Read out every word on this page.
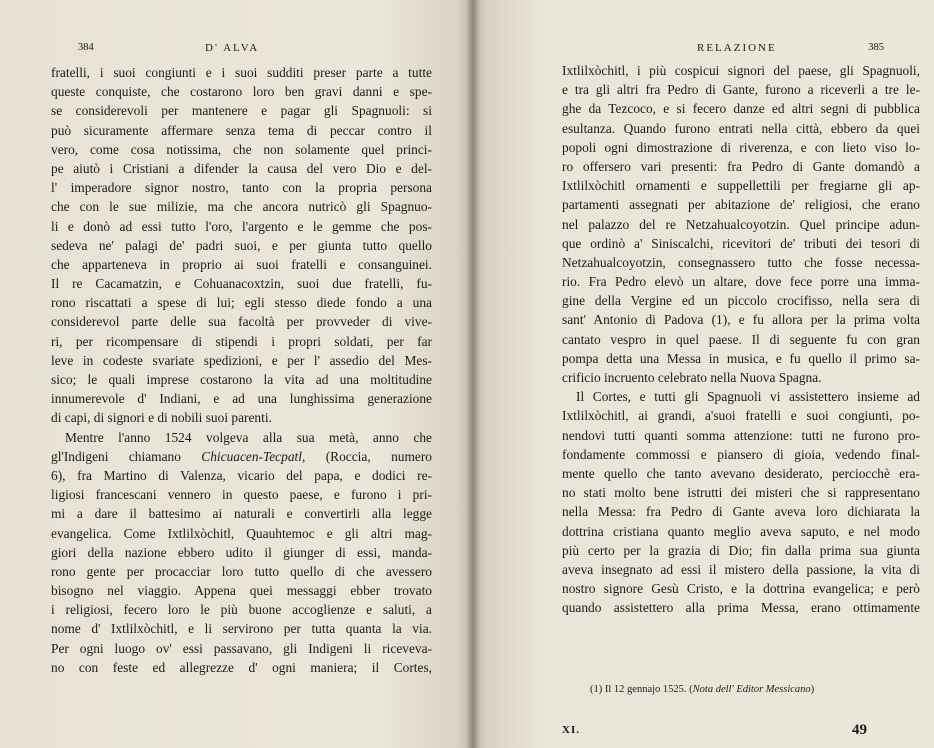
384	D' ALVA
fratelli, i suoi congiunti e i suoi sudditi preser parte a tutte
queste conquiste, che costarono loro ben gravi danni e spe-
se considerevoli per mantenere e pagar gli Spagnuoli: si
può sicuramente affermare senza tema di peccar contro il
vero, come cosa notissima, che non solamente quel princi-
pe aiutò i Cristiani a difender la causa del vero Dio e del-
l' imperadore signor nostro, tanto con la propria persona
che con le sue milizie, ma che ancora nutricò gli Spagnuo-
li e donò ad essi tutto l'oro, l'argento e le gemme che pos-
sedeva ne' palagi de' padri suoi, e per giunta tutto quello
che apparteneva in proprio ai suoi fratelli e consanguinei.
Il re Cacamatzin, e Cohuanacoxtzin, suoi due fratelli, fu-
rono riscattati a spese di lui; egli stesso diede fondo a una
considerevol parte delle sua facoltà per provveder di vive-
ri, per ricompensare di stipendi i propri soldati, per far
leve in codeste svariate spedizioni, e per l' assedio del Mes-
sico; le quali imprese costarono la vita ad una moltitudine
innumerevole d' Indiani, e ad una lunghissima generazione
di capi, di signori e di nobili suoi parenti.
Mentre l'anno 1524 volgeva alla sua metà, anno che
gl'Indigeni chiamano Chicuacen-Tecpatl, (Roccia, numero
6), fra Martino di Valenza, vicario del papa, e dodici re-
ligiosi francescani vennero in questo paese, e furono i pri-
mi a dare il battesimo ai naturali e convertirli alla legge
evangelica. Come Ixtlilxòchitl, Quauhtemoc e gli altri mag-
giori della nazione ebbero udito il giunger di essi, manda-
rono gente per procacciar loro tutto quello di che avessero
bisogno nel viaggio. Appena quei messaggi ebber trovato
i religiosi, fecero loro le più buone accoglienze e saluti, a
nome d' Ixtlilxòchitl, e li servirono per tutta quanta la via.
Per ogni luogo ov' essi passavano, gli Indigeni li riceveva-
no con feste ed allegrezze d' ogni maniera; il Cortes,
RELAZIONE	385
Ixtlilxòchitl, i più cospicui signori del paese, gli Spagnuoli,
e tra gli altri fra Pedro di Gante, furono a riceverli a tre le-
ghe da Tezcoco, e si fecero danze ed altri segni di pubblica
esultanza. Quando furono entrati nella città, ebbero da quei
popoli ogni dimostrazione di riverenza, e con lieto viso lo-
ro offersero vari presenti: fra Pedro di Gante domandò a
Ixtlilxòchitl ornamenti e suppellettili per fregiarne gli ap-
partamenti assegnati per abitazione de' religiosi, che erano
nel palazzo del re Netzahualcoyotzin. Quel principe adun-
que ordinò a' Siniscalchi, ricevitori de' tributi dei tesori di
Netzahualcoyotzin, consegnassero tutto che fosse necessa-
rio. Fra Pedro elevò un altare, dove fece porre una imma-
gine della Vergine ed un piccolo crocifisso, nella sera di
sant' Antonio di Padova (1), e fu allora per la prima volta
cantato vespro in quel paese. Il di seguente fu con gran
pompa detta una Messa in musica, e fu quello il primo sa-
crificio incruento celebrato nella Nuova Spagna.
Il Cortes, e tutti gli Spagnuoli vi assistettero insieme ad
Ixtlilxòchitl, ai grandi, a'suoi fratelli e suoi congiunti, po-
nendovi tutti quanti somma attenzione: tutti ne furono pro-
fondamente commossi e piansero di gioia, vedendo final-
mente quello che tanto avevano desiderato, perciocchè era-
no stati molto bene istrutti dei misteri che si rappresentano
nella Messa: fra Pedro di Gante aveva loro dichiarata la
dottrina cristiana quanto meglio aveva saputo, e nel modo
più certo per la grazia di Dio; fin dalla prima sua giunta
aveva insegnato ad essi il mistero della passione, la vita di
nostro signore Gesù Cristo, e la dottrina evangelica; e però
quando assistettero alla prima Messa, erano ottimamente
(1) Il 12 gennajo 1525. (Nota dell' Editor Messicano)
XI.	49
